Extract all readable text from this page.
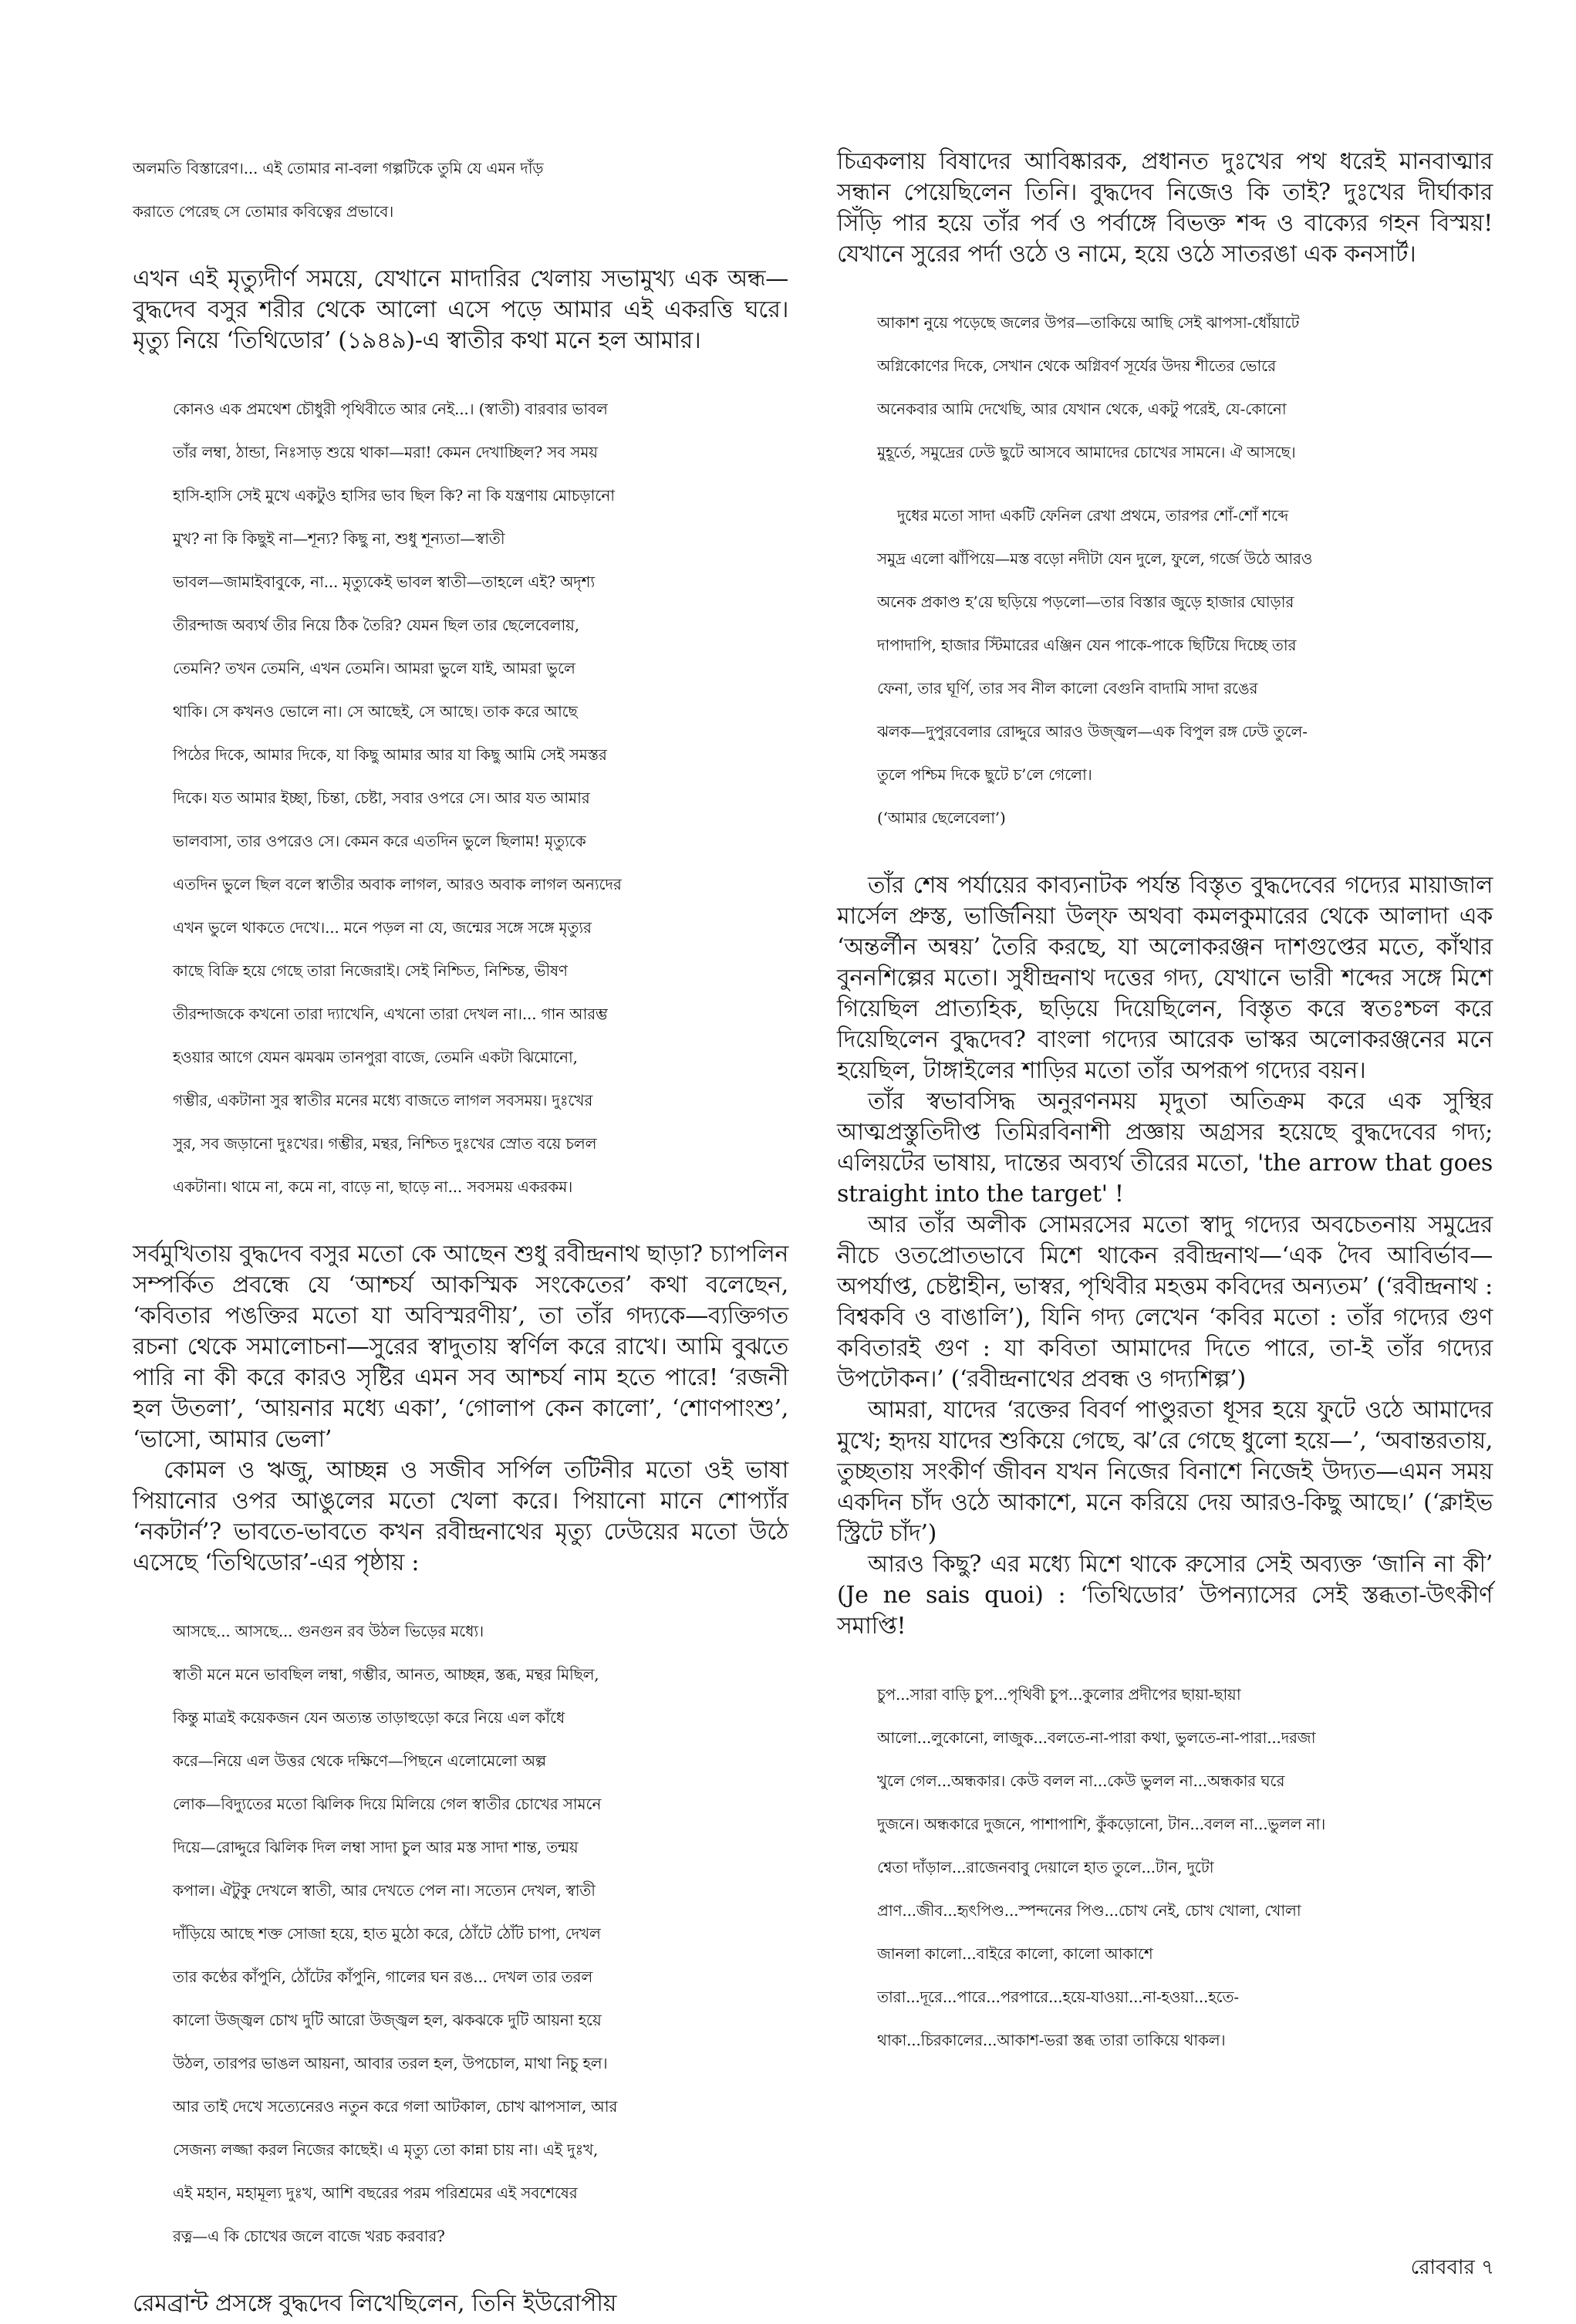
অলমতি বিস্তারেণ।... এই তোমার না-বলা গল্পটিকে তুমি যে এমন দাঁড়
করাতে পেরেছ সে তোমার কবিত্বের প্রভাবে।

এখন এই মৃত্যুদীর্ণ সময়ে, যেখানে মাদারির খেলায় সভামুখ্য এক অন্ধ—বুদ্ধদেব বসুর শরীর থেকে আলো এসে পড়ে আমার এই একরত্তি ঘরে। মৃত্যু নিয়ে ‘তিথিডোর’ (১৯৪৯)-এ স্বাতীর কথা মনে হল আমার।

কোনও এক প্রমথেশ চৌধুরী পৃথিবীতে আর নেই...। (স্বাতী) বারবার ভাবল
তাঁর লম্বা, ঠান্ডা, নিঃসাড় শুয়ে থাকা—মরা! কেমন দেখাচ্ছিল? সব সময়
হাসি-হাসি সেই মুখে একটুও হাসির ভাব ছিল কি? না কি যন্ত্রণায় মোচড়ানো
মুখ? না কি কিছুই না—শূন্য? কিছু না, শুধু শূন্যতা—স্বাতী
ভাবল—জামাইবাবুকে, না... মৃত্যুকেই ভাবল স্বাতী—তাহলে এই? অদৃশ্য
তীরন্দাজ অব্যর্থ তীর নিয়ে ঠিক তৈরি? যেমন ছিল তার ছেলেবেলায়,
তেমনি? তখন তেমনি, এখন তেমনি। আমরা ভুলে যাই, আমরা ভুলে
থাকি। সে কখনও ভোলে না। সে আছেই, সে আছে। তাক করে আছে
পিঠের দিকে, আমার দিকে, যা কিছু আমার আর যা কিছু আমি সেই সমস্তর
দিকে। যত আমার ইচ্ছা, চিন্তা, চেষ্টা, সবার ওপরে সে। আর যত আমার
ভালবাসা, তার ওপরেও সে। কেমন করে এতদিন ভুলে ছিলাম! মৃত্যুকে
এতদিন ভুলে ছিল বলে স্বাতীর অবাক লাগল, আরও অবাক লাগল অন্যদের
এখন ভুলে থাকতে দেখে।... মনে পড়ল না যে, জন্মের সঙ্গে সঙ্গে মৃত্যুর
কাছে বিক্রি হয়ে গেছে তারা নিজেরাই। সেই নিশ্চিত, নিশ্চিন্ত, ভীষণ
তীরন্দাজকে কখনো তারা দ্যাখেনি, এখনো তারা দেখল না।... গান আরম্ভ
হওয়ার আগে যেমন ঝমঝম তানপুরা বাজে, তেমনি একটা ঝিমোনো,
গম্ভীর, একটানা সুর স্বাতীর মনের মধ্যে বাজতে লাগল সবসময়। দুঃখের
সুর, সব জড়ানো দুঃখের। গম্ভীর, মন্থর, নিশ্চিত দুঃখের স্রোত বয়ে চলল
একটানা। থামে না, কমে না, বাড়ে না, ছাড়ে না... সবসময় একরকম।

সর্বমুখিতায় বুদ্ধদেব বসুর মতো কে আছেন শুধু রবীন্দ্রনাথ ছাড়া? চ্যাপলিন সম্পর্কিত প্রবন্ধে যে ‘আশ্চর্য আকস্মিক সংকেতের’ কথা বলেছেন, ‘কবিতার পঙক্তির মতো যা অবিস্মরণীয়’, তা তাঁর গদ্যকে—ব্যক্তিগত রচনা থেকে সমালোচনা—সুরের স্বাদুতায় স্বর্ণিল করে রাখে। আমি বুঝতে পারি না কী করে কারও সৃষ্টির এমন সব আশ্চর্য নাম হতে পারে! ‘রজনী হল উতলা’, ‘আয়নার মধ্যে একা’, ‘গোলাপ কেন কালো’, ‘শোণপাংশু’, ‘ভাসো, আমার ভেলা’

কোমল ও ঋজু, আচ্ছন্ন ও সজীব সর্পিল তটিনীর মতো ওই ভাষা পিয়ানোর ওপর আঙুলের মতো খেলা করে। পিয়ানো মানে শোপ্যাঁর ‘নকটার্ন’? ভাবতে-ভাবতে কখন রবীন্দ্রনাথের মৃত্যু ঢেউয়ের মতো উঠে এসেছে ‘তিথিডোর’-এর পৃষ্ঠায় :

আসছে... আসছে... গুনগুন রব উঠল ভিড়ের মধ্যে।
স্বাতী মনে মনে ভাবছিল লম্বা, গম্ভীর, আনত, আচ্ছন্ন, স্তব্ধ, মন্থর মিছিল,
কিন্তু মাত্রই কয়েকজন যেন অত্যন্ত তাড়াহুড়ো করে নিয়ে এল কাঁধে
করে—নিয়ে এল উত্তর থেকে দক্ষিণে—পিছনে এলোমেলো অল্প
লোক—বিদ্যুতের মতো ঝিলিক দিয়ে মিলিয়ে গেল স্বাতীর চোখের সামনে
দিয়ে—রোদ্দুরে ঝিলিক দিল লম্বা সাদা চুল আর মস্ত সাদা শান্ত, তন্ময়
কপাল। ঐটুকু দেখলে স্বাতী, আর দেখতে পেল না। সত্যেন দেখল, স্বাতী
দাঁড়িয়ে আছে শক্ত সোজা হয়ে, হাত মুঠো করে, ঠোঁটে ঠোঁট চাপা, দেখল
তার কণ্ঠের কাঁপুনি, ঠোঁটের কাঁপুনি, গালের ঘন রঙ... দেখল তার তরল
কালো উজ্জ্বল চোখ দুটি আরো উজ্জ্বল হল, ঝকঝকে দুটি আয়না হয়ে
উঠল, তারপর ভাঙল আয়না, আবার তরল হল, উপচোল, মাথা নিচু হল।
আর তাই দেখে সত্যেনেরও নতুন করে গলা আটকাল, চোখ ঝাপসাল, আর
সেজন্য লজ্জা করল নিজের কাছেই। এ মৃত্যু তো কান্না চায় না। এই দুঃখ,
এই মহান, মহামূল্য দুঃখ, আশি বছরের পরম পরিশ্রমের এই সবশেষের
রত্ন—এ কি চোখের জলে বাজে খরচ করবার?

রেমব্রান্ট প্রসঙ্গে বুদ্ধদেব লিখেছিলেন, তিনি ইউরোপীয়

চিত্রকলায় বিষাদের আবিষ্কারক, প্রধানত দুঃখের পথ ধরেই মানবাত্মার সন্ধান পেয়েছিলেন তিনি। বুদ্ধদেব নিজেও কি তাই? দুঃখের দীর্ঘাকার সিঁড়ি পার হয়ে তাঁর পর্ব ও পর্বাঙ্গে বিভক্ত শব্দ ও বাক্যের গহন বিস্ময়! যেখানে সুরের পর্দা ওঠে ও নামে, হয়ে ওঠে সাতরঙা এক কনসার্ট।

আকাশ নুয়ে পড়েছে জলের উপর—তাকিয়ে আছি সেই ঝাপসা-ধোঁয়াটে
অগ্নিকোণের দিকে, সেখান থেকে অগ্নিবর্ণ সূর্যের উদয় শীতের ভোরে
অনেকবার আমি দেখেছি, আর যেখান থেকে, একটু পরেই, যে-কোনো
মুহূর্তে, সমুদ্রের ঢেউ ছুটে আসবে আমাদের চোখের সামনে। ঐ আসছে।
দুধের মতো সাদা একটি ফেনিল রেখা প্রথমে, তারপর শোঁ-শোঁ শব্দে
সমুদ্র এলো ঝাঁপিয়ে—মস্ত বড়ো নদীটা যেন দুলে, ফুলে, গর্জে উঠে আরও
অনেক প্রকাণ্ড হ’য়ে ছড়িয়ে পড়লো—তার বিস্তার জুড়ে হাজার ঘোড়ার
দাপাদাপি, হাজার স্টিমারের এঞ্জিন যেন পাকে-পাকে ছিটিয়ে দিচ্ছে তার
ফেনা, তার ঘূর্ণি, তার সব নীল কালো বেগুনি বাদামি সাদা রঙের
ঝলক—দুপুরবেলার রোদ্দুরে আরও উজ্জ্বল—এক বিপুল রঙ্গ ঢেউ তুলে-
তুলে পশ্চিম দিকে ছুটে চ’লে গেলো।
(‘আমার ছেলেবেলা’)

তাঁর শেষ পর্যায়ের কাব্যনাটক পর্যন্ত বিস্তৃত বুদ্ধদেবের গদ্যের মায়াজাল মার্সেল প্রুস্ত, ভার্জিনিয়া উল্‌ফ অথবা কমলকুমারের থেকে আলাদা এক ‘অন্তর্লীন অন্বয়’ তৈরি করছে, যা অলোকরঞ্জন দাশগুপ্তের মতে, কাঁথার বুননশিল্পের মতো। সুধীন্দ্রনাথ দত্তের গদ্য, যেখানে ভারী শব্দের সঙ্গে মিশে গিয়েছিল প্রাত্যহিক, ছড়িয়ে দিয়েছিলেন, বিস্তৃত করে স্বতঃশ্চল করে দিয়েছিলেন বুদ্ধদেব? বাংলা গদ্যের আরেক ভাস্কর অলোকরঞ্জনের মনে হয়েছিল, টাঙ্গাইলের শাড়ির মতো তাঁর অপরূপ গদ্যের বয়ন।

তাঁর স্বভাবসিদ্ধ অনুরণনময় মৃদুতা অতিক্রম করে এক সুস্থির আত্মপ্রস্তুতিদীপ্ত তিমিরবিনাশী প্রজ্ঞায় অগ্রসর হয়েছে বুদ্ধদেবের গদ্য; এলিয়টের ভাষায়, দান্তের অব্যর্থ তীরের মতো, 'the arrow that goes straight into the target' !

আর তাঁর অলীক সোমরসের মতো স্বাদু গদ্যের অবচেতনায় সমুদ্রের নীচে ওতপ্রোতভাবে মিশে থাকেন রবীন্দ্রনাথ—‘এক দৈব আবির্ভাব—অপর্যাপ্ত, চেষ্টাহীন, ভাস্বর, পৃথিবীর মহত্তম কবিদের অন্যতম’ (‘রবীন্দ্রনাথ : বিশ্বকবি ও বাঙালি’), যিনি গদ্য লেখেন ‘কবির মতো : তাঁর গদ্যের গুণ কবিতারই গুণ : যা কবিতা আমাদের দিতে পারে, তা-ই তাঁর গদ্যের উপঢৌকন।’ (‘রবীন্দ্রনাথের প্রবন্ধ ও গদ্যশিল্প’)

আমরা, যাদের ‘রক্তের বিবর্ণ পাণ্ডুরতা ধূসর হয়ে ফুটে ওঠে আমাদের মুখে; হৃদয় যাদের শুকিয়ে গেছে, ঝ’রে গেছে ধুলো হয়ে—’, ‘অবান্তরতায়, তুচ্ছতায় সংকীর্ণ জীবন যখন নিজের বিনাশে নিজেই উদ্যত—এমন সময় একদিন চাঁদ ওঠে আকাশে, মনে করিয়ে দেয় আরও-কিছু আছে।’ (‘ক্লাইভ স্ট্রিটে চাঁদ’)

আরও কিছু? এর মধ্যে মিশে থাকে রুসোর সেই অব্যক্ত ‘জানি না কী’ (Je ne sais quoi) : ‘তিথিডোর’ উপন্যাসের সেই স্তব্ধতা-উৎকীর্ণ সমাপ্তি!

চুপ...সারা বাড়ি চুপ...পৃথিবী চুপ...কুলোর প্রদীপের ছায়া-ছায়া
আলো...লুকোনো, লাজুক...বলতে-না-পারা কথা, ভুলতে-না-পারা...দরজা
খুলে গেল...অন্ধকার। কেউ বলল না...কেউ ভুলল না...অন্ধকার ঘরে
দুজনে। অন্ধকারে দুজনে, পাশাপাশি, কুঁকড়োনো, টান...বলল না...ভুলল না।
শ্বেতা দাঁড়াল...রাজেনবাবু দেয়ালে হাত তুলে...টান, দুটো
প্রাণ...জীব...হৃৎপিণ্ড...স্পন্দনের পিণ্ড...চোখ নেই, চোখ খোলা, খোলা
জানলা কালো...বাইরে কালো, কালো আকাশে
তারা...দূরে...পারে...পরপারে...হয়ে-যাওয়া...না-হওয়া...হতে-
থাকা...চিরকালের...আকাশ-ভরা স্তব্ধ তারা তাকিয়ে থাকল।
রোববার ৭
